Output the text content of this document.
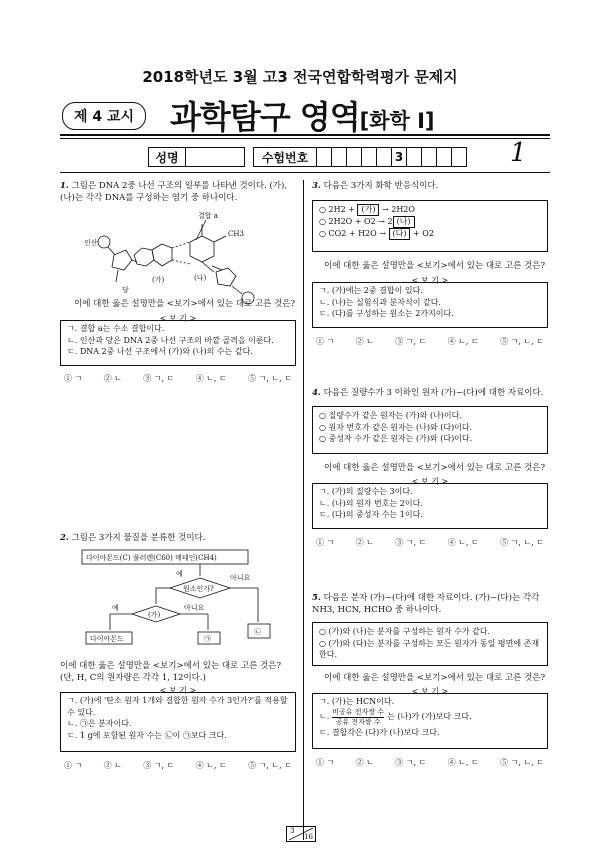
2018학년도 3월 고3 전국연합학력평가 문제지
제 4 교시	과학탐구 영역[화학 Ⅰ]
성명	수험번호	3	1
1. 그림은 DNA 2중 나선 구조의 일부를 나타낸 것이다. (가), (나)는 각각 DNA를 구성하는 염기 중 하나이다.
결합 a
인산
당
(가)	(나)
CH3
이에 대한 옳은 설명만을 <보기>에서 있는 대로 고른 것은?
< 보 기 >
ㄱ. 결합 a는 수소 결합이다.
ㄴ. 인산과 당은 DNA 2중 나선 구조의 바깥 골격을 이룬다.
ㄷ. DNA 2중 나선 구조에서 (가)와 (나)의 수는 같다.
① ㄱ	② ㄴ	③ ㄱ, ㄷ	④ ㄴ, ㄷ	⑤ ㄱ, ㄴ, ㄷ
2. 그림은 3가지 물질을 분류한 것이다.
다이아몬드(C) 풀러렌(C60) 메테인(CH4)
원소인가?
예	아니요
(가)
예	아니요
다이아몬드	㉠
㉡
이에 대한 옳은 설명만을 <보기>에서 있는 대로 고른 것은? (단, H, C의 원자량은 각각 1, 12이다.)
< 보 기 >
ㄱ. (가)에 '탄소 원자 1개와 결합한 원자 수가 3인가?'를 적용할 수 있다.
ㄴ. ㉠은 분자이다.
ㄷ. 1 g에 포함된 원자 수는 ㉡이 ㉠보다 크다.
① ㄱ	② ㄴ	③ ㄱ, ㄷ	④ ㄴ, ㄷ	⑤ ㄱ, ㄴ, ㄷ
3. 다음은 3가지 화학 반응식이다.
○ 2H2 + (가) → 2H2O
○ 2H2O + O2 → 2 (나)
○ CO2 + H2O → (다) + O2
이에 대한 옳은 설명만을 <보기>에서 있는 대로 고른 것은?
< 보 기 >
ㄱ. (가)에는 2중 결합이 있다.
ㄴ. (나)는 실험식과 분자식이 같다.
ㄷ. (다)를 구성하는 원소는 2가지이다.
① ㄱ	② ㄴ	③ ㄱ, ㄷ	④ ㄴ, ㄷ	⑤ ㄱ, ㄴ, ㄷ
4. 다음은 질량수가 3 이하인 원자 (가)~(다)에 대한 자료이다.
○ 질량수가 같은 원자는 (가)와 (나)이다.
○ 원자 번호가 같은 원자는 (나)와 (다)이다.
○ 중성자 수가 같은 원자는 (가)와 (다)이다.
이에 대한 옳은 설명만을 <보기>에서 있는 대로 고른 것은?
< 보 기 >
ㄱ. (가)의 질량수는 3이다.
ㄴ. (나)의 원자 번호는 2이다.
ㄷ. (다)의 중성자 수는 1이다.
① ㄱ	② ㄴ	③ ㄱ, ㄷ	④ ㄴ, ㄷ	⑤ ㄱ, ㄴ, ㄷ
5. 다음은 분자 (가)~(다)에 대한 자료이다. (가)~(다)는 각각 NH3, HCN, HCHO 중 하나이다.
○ (가)와 (나)는 분자를 구성하는 원자 수가 같다.
○ (가)와 (다)는 분자를 구성하는 모든 원자가 동일 평면에 존재한다.
이에 대한 옳은 설명만을 <보기>에서 있는 대로 고른 것은?
< 보 기 >
ㄱ. (가)는 HCN이다.
ㄴ.
비공유 전자쌍 수
공유 전자쌍 수
는 (나)가 (가)보다 크다.
ㄷ. 결합각은 (다)가 (나)보다 크다.
① ㄱ	② ㄴ	③ ㄱ, ㄷ	④ ㄴ, ㄷ	⑤ ㄱ, ㄴ, ㄷ
3
16
